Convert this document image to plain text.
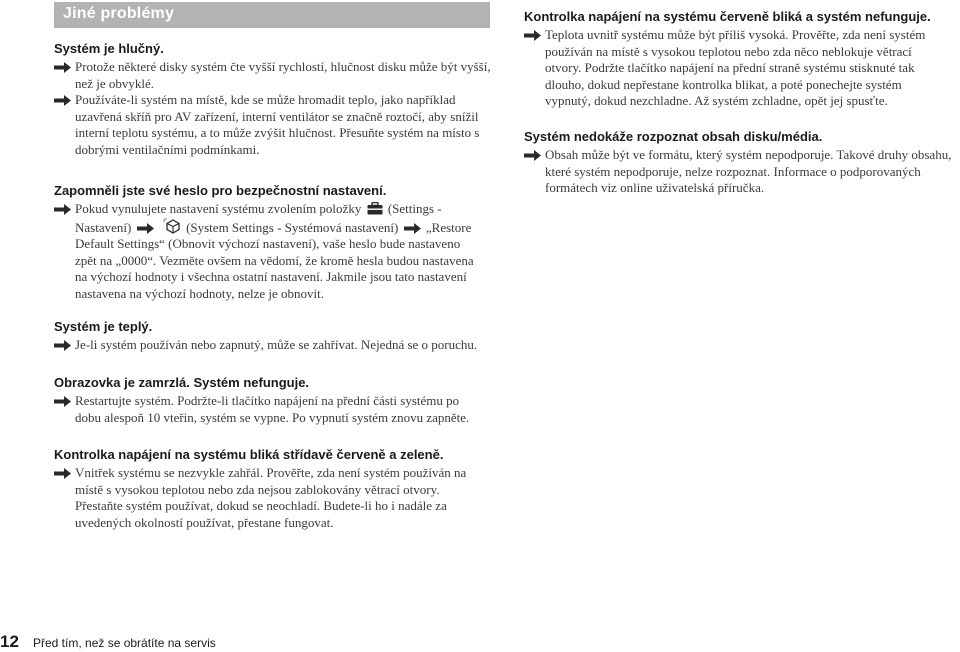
Jiné problémy
Systém je hlučný.
Protože některé disky systém čte vyšší rychlostí, hlučnost disku může být vyšší, než je obvyklé.
Používáte-li systém na místě, kde se může hromadit teplo, jako například uzavřená skříň pro AV zařízení, interní ventilátor se značně roztočí, aby snížil interní teplotu systému, a to může zvýšit hlučnost. Přesuňte systém na místo s dobrými ventilačními podmínkami.
Zapomněli jste své heslo pro bezpečnostní nastavení.
Pokud vynulujete nastavení systému zvolením položky (Settings - Nastavení)	(System Settings - Systémová nastavení) „Restore Default Settings“ (Obnovit výchozí nastavení), vaše heslo bude nastaveno zpět na „0000“. Vezměte ovšem na vědomí, že kromě hesla budou nastavena na výchozí hodnoty i všechna ostatní nastavení. Jakmile jsou tato nastavení nastavena na výchozí hodnoty, nelze je obnovit.
Systém je teplý.
Je-li systém používán nebo zapnutý, může se zahřívat. Nejedná se o poruchu.
Obrazovka je zamrzlá. Systém nefunguje.
Restartujte systém. Podržte-li tlačítko napájení na přední části systému po dobu alespoň 10 vteřin, systém se vypne. Po vypnutí systém znovu zapněte.
Kontrolka napájení na systému bliká střídavě červeně a zeleně.
Vnitřek systému se nezvykle zahřál. Prověřte, zda není systém používán na místě s vysokou teplotou nebo zda nejsou zablokovány větrací otvory. Přestaňte systém používat, dokud se neochladí. Budete-li ho i nadále za uvedených okolností používat, přestane fungovat.
Kontrolka napájení na systému červeně bliká a systém nefunguje.
Teplota uvnitř systému může být příliš vysoká. Prověřte, zda není systém používán na místě s vysokou teplotou nebo zda něco neblokuje větrací otvory. Podržte tlačítko napájení na přední straně systému stisknuté tak dlouho, dokud nepřestane kontrolka blikat, a poté ponechejte systém vypnutý, dokud nezchladne. Až systém zchladne, opět jej spusťte.
Systém nedokáže rozpoznat obsah disku/média.
Obsah může být ve formátu, který systém nepodporuje. Takové druhy obsahu, které systém nepodporuje, nelze rozpoznat. Informace o podporovaných formátech viz online uživatelská příručka.
12 Před tím, než se obrátíte na servis
